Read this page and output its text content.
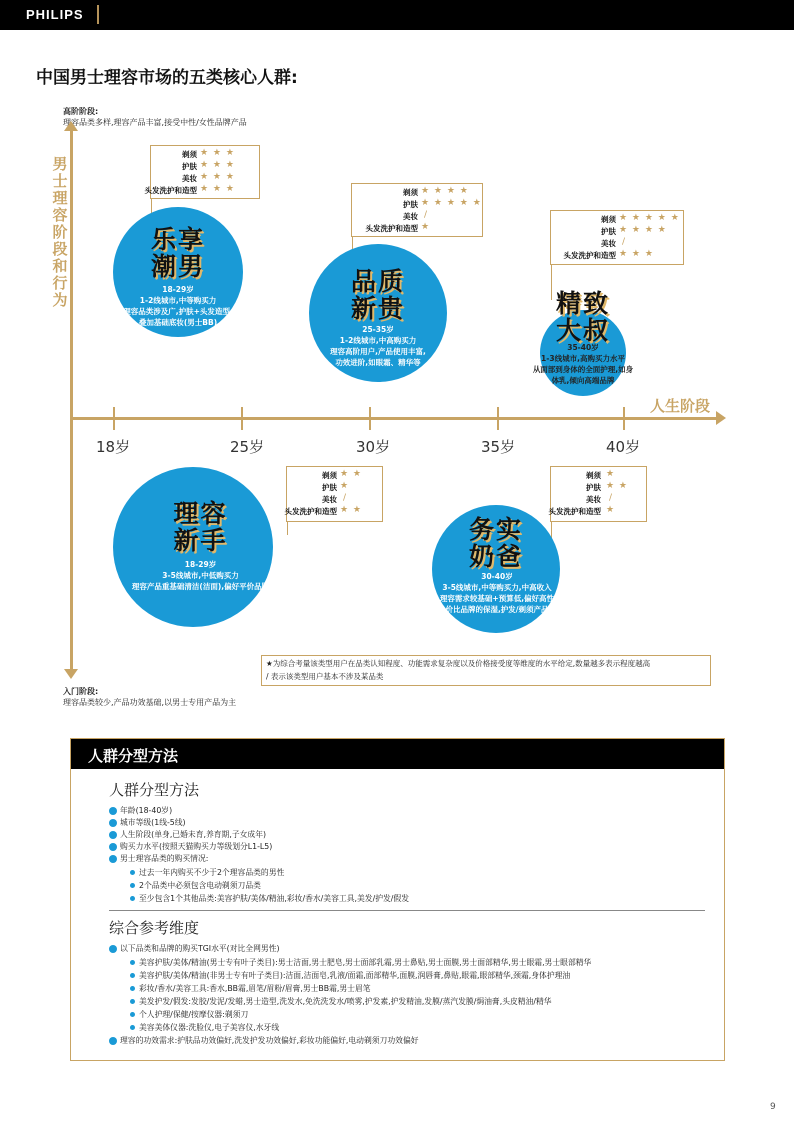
PHILIPS
中国男士理容市场的五类核心人群:
高阶阶段:
理容品类多样,理容产品丰富,接受中性/女性品牌产品
入门阶段:
理容品类较少,产品功效基础,以男士专用产品为主
男
士
理
容
阶
段
和
行
为
人生阶段
18岁	25岁	30岁	35岁	40岁
剃须 ★ ★ ★
护肤 ★ ★ ★
美妆 ★ ★ ★
头发洗护和造型 ★ ★ ★
乐享
潮男
18-29岁
1-2线城市,中等购买力
理容品类涉及广,护肤+头发造型,
叠加基础底妆(男士BB)
剃须 ★ ★ ★ ★
护肤 ★ ★ ★ ★ ★
美妆 /
头发洗护和造型 ★
品质
新贵
25-35岁
1-2线城市,中高购买力
理容高阶用户,产品使用丰富,
功效进阶,如眼霜、精华等
剃须 ★ ★ ★ ★ ★
护肤 ★ ★ ★ ★
美妆 /
头发洗护和造型 ★ ★ ★
精致
大叔
35-40岁
1-3线城市,高购买力水平
从面部到身体的全面护理,如身
体乳,倾向高端品牌
剃须 ★ ★
护肤 ★
美妆 /
头发洗护和造型 ★ ★
理容
新手
18-29岁
3-5线城市,中低购买力
理容产品重基础清洁(洁面),偏好平价品牌
剃须 ★
护肤 ★ ★
美妆 /
头发洗护和造型 ★
务实
奶爸
30-40岁
3-5线城市,中等购买力,中高收入
理容需求较基础+预算低,偏好高性
价比品牌的保湿,护发/剃须产品
★为综合考量该类型用户在品类认知程度、功能需求复杂度以及价格接受度等维度的水平给定,数量越多表示程度越高
/ 表示该类型用户基本不涉及某品类
人群分型方法
人群分型方法
年龄(18-40岁)
城市等级(1线-5线)
人生阶段(单身,已婚未育,养育期,子女成年)
购买力水平(按照天猫购买力等级划分L1-L5)
男士理容品类的购买情况:
过去一年内购买不少于2个理容品类的男性
2个品类中必须包含电动剃须刀品类
至少包含1个其他品类:美容护肤/美体/精油,彩妆/香水/美容工具,美发/护发/假发
综合参考维度
以下品类和品牌的购买TGI水平(对比全网男性)
美容护肤/美体/精油(男士专有叶子类目):男士洁面,男士肥皂,男士面部乳霜,男士鼻贴,男士面膜,男士面部精华,男士眼霜,男士眼部精华
美容护肤/美体/精油(非男士专有叶子类目):洁面,洁面皂,乳液/面霜,面部精华,面膜,润唇膏,鼻贴,眼霜,眼部精华,颈霜,身体护理油
彩妆/香水/美容工具:香水,BB霜,眉笔/眉粉/眉膏,男士BB霜,男士眉笔
美发护发/假发:发胶/发泥/发蜡,男士造型,洗发水,免洗洗发水/喷雾,护发素,护发精油,发膜/蒸汽发膜/焗油膏,头皮精油/精华
个人护理/保健/按摩仪器:剃须刀
美容美体仪器:洗脸仪,电子美容仪,水牙线
理容的功效需求:护肤品功效偏好,洗发护发功效偏好,彩妆功能偏好,电动剃须刀功效偏好
9
